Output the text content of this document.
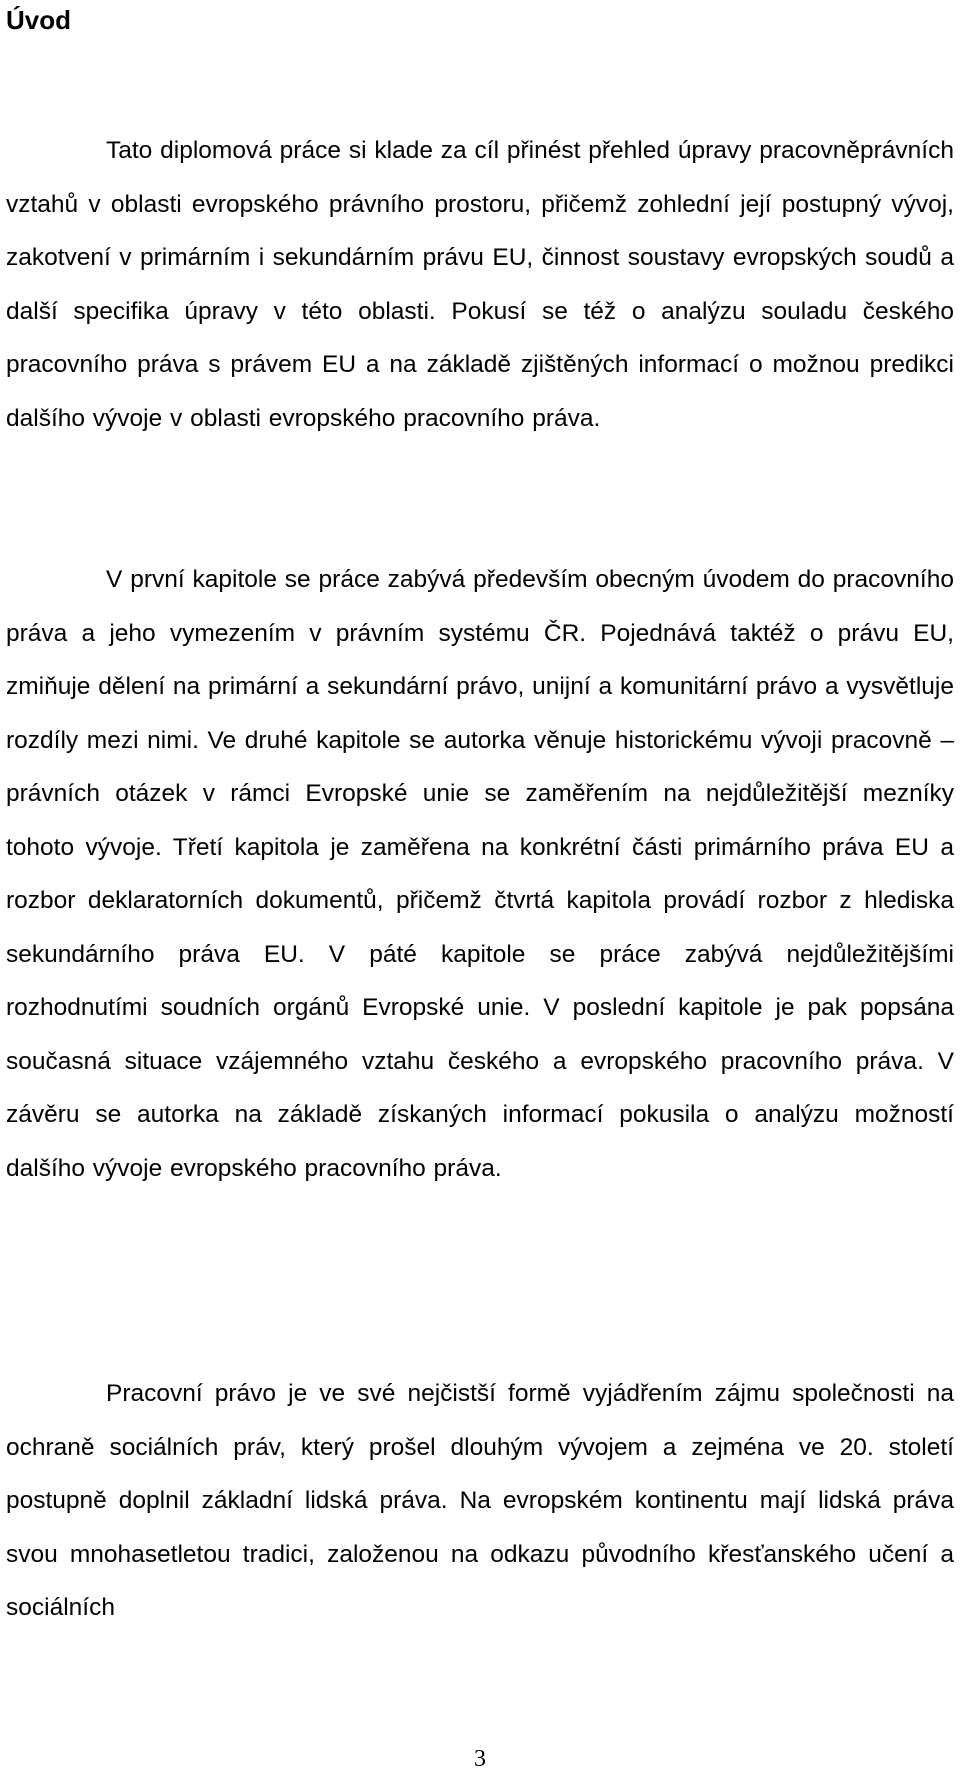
Úvod

Tato diplomová práce si klade za cíl přinést přehled úpravy pracovněprávních vztahů v oblasti evropského právního prostoru, přičemž zohlední její postupný vývoj, zakotvení v primárním i sekundárním právu EU, činnost soustavy evropských soudů a další specifika úpravy v této oblasti. Pokusí se též o analýzu souladu českého pracovního práva s právem EU a na základě zjištěných informací o možnou predikci dalšího vývoje v oblasti evropského pracovního práva.

V první kapitole se práce zabývá především obecným úvodem do pracovního práva a jeho vymezením v právním systému ČR. Pojednává taktéž o právu EU, zmiňuje dělení na primární a sekundární právo, unijní a komunitární právo a vysvětluje rozdíly mezi nimi. Ve druhé kapitole se autorka věnuje historickému vývoji pracovně – právních otázek v rámci Evropské unie se zaměřením na nejdůležitější mezníky tohoto vývoje. Třetí kapitola je zaměřena na konkrétní části primárního práva EU a rozbor deklaratorních dokumentů, přičemž čtvrtá kapitola provádí rozbor z hlediska sekundárního práva EU. V páté kapitole se práce zabývá nejdůležitějšími rozhodnutími soudních orgánů Evropské unie. V poslední kapitole je pak popsána současná situace vzájemného vztahu českého a evropského pracovního práva. V závěru se autorka na základě získaných informací pokusila o analýzu možností dalšího vývoje evropského pracovního práva.

Pracovní právo je ve své nejčistší formě vyjádřením zájmu společnosti na ochraně sociálních práv, který prošel dlouhým vývojem a zejména ve 20. století postupně doplnil základní lidská práva. Na evropském kontinentu mají lidská práva svou mnohasetletou tradici, založenou na odkazu původního křesťanského učení a sociálních

3
